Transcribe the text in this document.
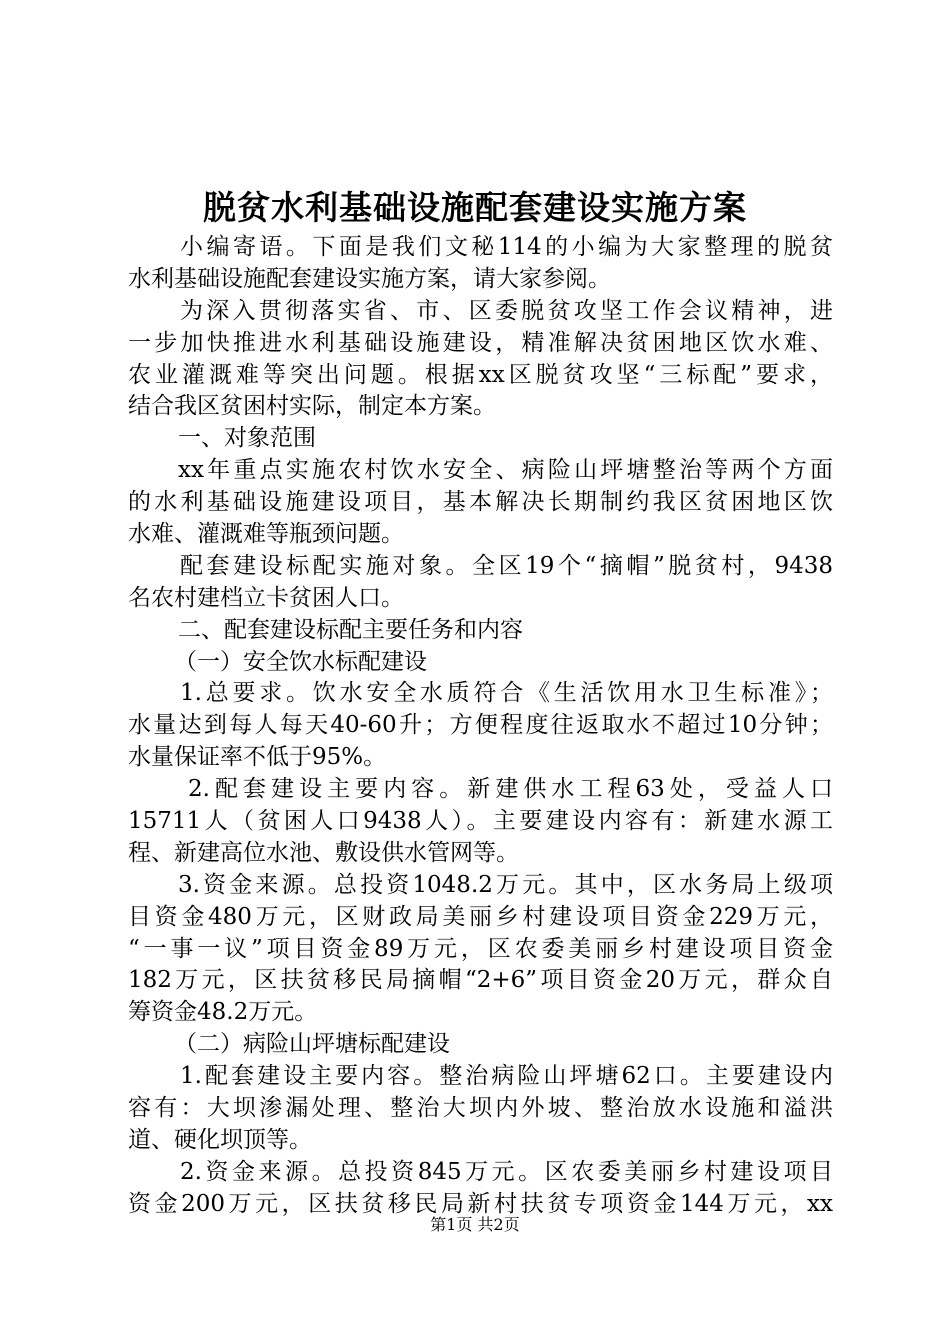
脱贫水利基础设施配套建设实施方案
小编寄语。下面是我们文秘114的小编为大家整理的脱贫
水利基础设施配套建设实施方案，请大家参阅。
为深入贯彻落实省、市、区委脱贫攻坚工作会议精神，进
一步加快推进水利基础设施建设，精准解决贫困地区饮水难、
农业灌溉难等突出问题。根据xx区脱贫攻坚“三标配”要求，
结合我区贫困村实际，制定本方案。
一、对象范围
xx年重点实施农村饮水安全、病险山坪塘整治等两个方面
的水利基础设施建设项目，基本解决长期制约我区贫困地区饮
水难、灌溉难等瓶颈问题。
配套建设标配实施对象。全区19个“摘帽”脱贫村，9438
名农村建档立卡贫困人口。
二、配套建设标配主要任务和内容
（一）安全饮水标配建设
1.总要求。饮水安全水质符合《生活饮用水卫生标准》；
水量达到每人每天40-60升；方便程度往返取水不超过10分钟；
水量保证率不低于95%。
2.配套建设主要内容。新建供水工程63处，受益人口
15711人（贫困人口9438人）。主要建设内容有：新建水源工
程、新建高位水池、敷设供水管网等。
3.资金来源。总投资1048.2万元。其中，区水务局上级项
目资金480万元，区财政局美丽乡村建设项目资金229万元，
“一事一议”项目资金89万元，区农委美丽乡村建设项目资金
182万元，区扶贫移民局摘帽“2+6”项目资金20万元，群众自
筹资金48.2万元。
（二）病险山坪塘标配建设
1.配套建设主要内容。整治病险山坪塘62口。主要建设内
容有：大坝渗漏处理、整治大坝内外坡、整治放水设施和溢洪
道、硬化坝顶等。
2.资金来源。总投资845万元。区农委美丽乡村建设项目
资金200万元，区扶贫移民局新村扶贫专项资金144万元，xx
第1页 共2页
